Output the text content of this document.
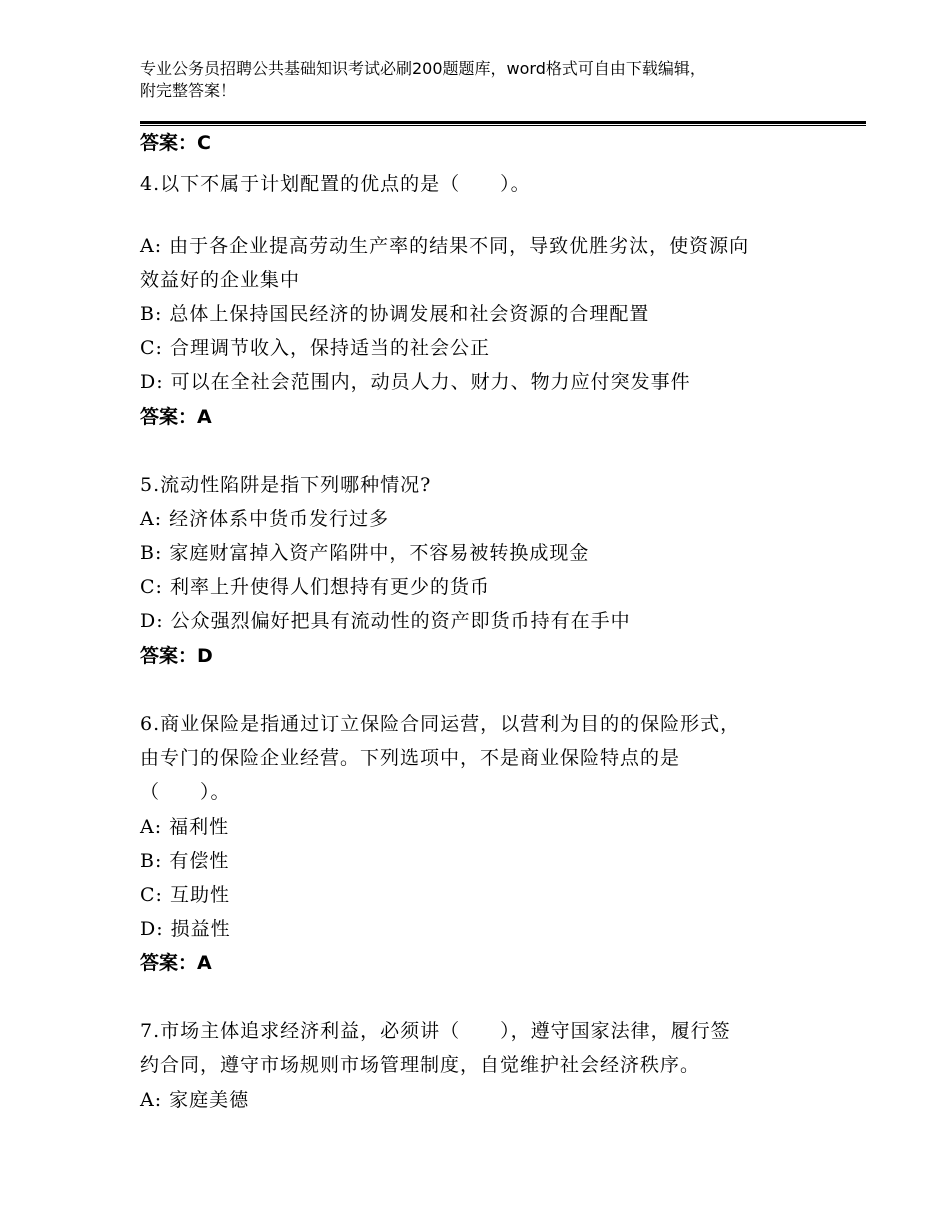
专业公务员招聘公共基础知识考试必刷200题题库，word格式可自由下载编辑，
附完整答案！
答案：C
4.以下不属于计划配置的优点的是（　　）。
A: 由于各企业提高劳动生产率的结果不同，导致优胜劣汰，使资源向
效益好的企业集中
B: 总体上保持国民经济的协调发展和社会资源的合理配置
C: 合理调节收入，保持适当的社会公正
D: 可以在全社会范围内，动员人力、财力、物力应付突发事件
答案：A
5.流动性陷阱是指下列哪种情况?
A: 经济体系中货币发行过多
B: 家庭财富掉入资产陷阱中，不容易被转换成现金
C: 利率上升使得人们想持有更少的货币
D: 公众强烈偏好把具有流动性的资产即货币持有在手中
答案：D
6.商业保险是指通过订立保险合同运营，以营利为目的的保险形式，
由专门的保险企业经营。下列选项中，不是商业保险特点的是
（　　）。
A: 福利性
B: 有偿性
C: 互助性
D: 损益性
答案：A
7.市场主体追求经济利益，必须讲（　　），遵守国家法律，履行签
约合同，遵守市场规则市场管理制度，自觉维护社会经济秩序。
A: 家庭美德
